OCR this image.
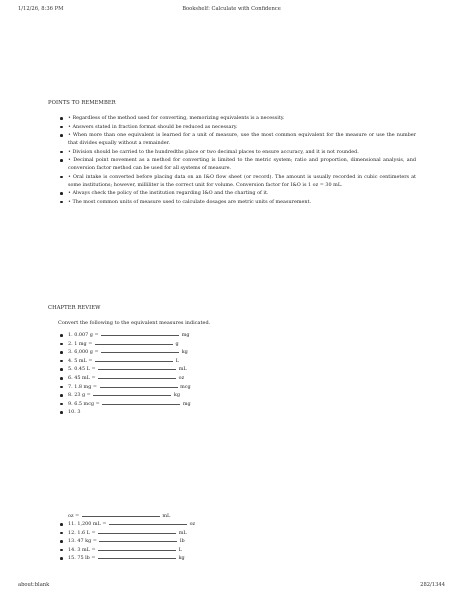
1/12/26, 8:36 PM	Bookshelf: Calculate with Confidence
POINTS TO REMEMBER
• Regardless of the method used for converting, memorizing equivalents is a necessity.
• Answers stated in fraction format should be reduced as necessary.
• When more than one equivalent is learned for a unit of measure, use the most common equivalent for the measure or use the number that divides equally without a remainder.
• Division should be carried to the hundredths place or two decimal places to ensure accuracy, and it is not rounded.
• Decimal point movement as a method for converting is limited to the metric system; ratio and proportion, dimensional analysis, and conversion factor method can be used for all systems of measure.
• Oral intake is converted before placing data on an I&O flow sheet (or record). The amount is usually recorded in cubic centimeters at some institutions; however, milliliter is the correct unit for volume. Conversion factor for I&O is 1 oz = 30 mL.
• Always check the policy of the institution regarding I&O and the charting of it.
• The most common units of measure used to calculate dosages are metric units of measurement.
CHAPTER REVIEW
Convert the following to the equivalent measures indicated.
1. 0.007 g =	mg
2. 1 mg =	g
3. 6,000 g =	kg
4. 5 mL =	L
5. 0.45 L =	mL
6. 45 mL =	oz
7. 1.8 mg =	mcg
8. 23 g =	kg
9. 6.5 mcg =	mg
10. 3
oz =	mL
11. 1,200 mL =	oz
12. 1.6 L =	mL
13. 47 kg =	lb
14. 3 mL =	L
15. 75 lb =	kg
about:blank	282/1344
